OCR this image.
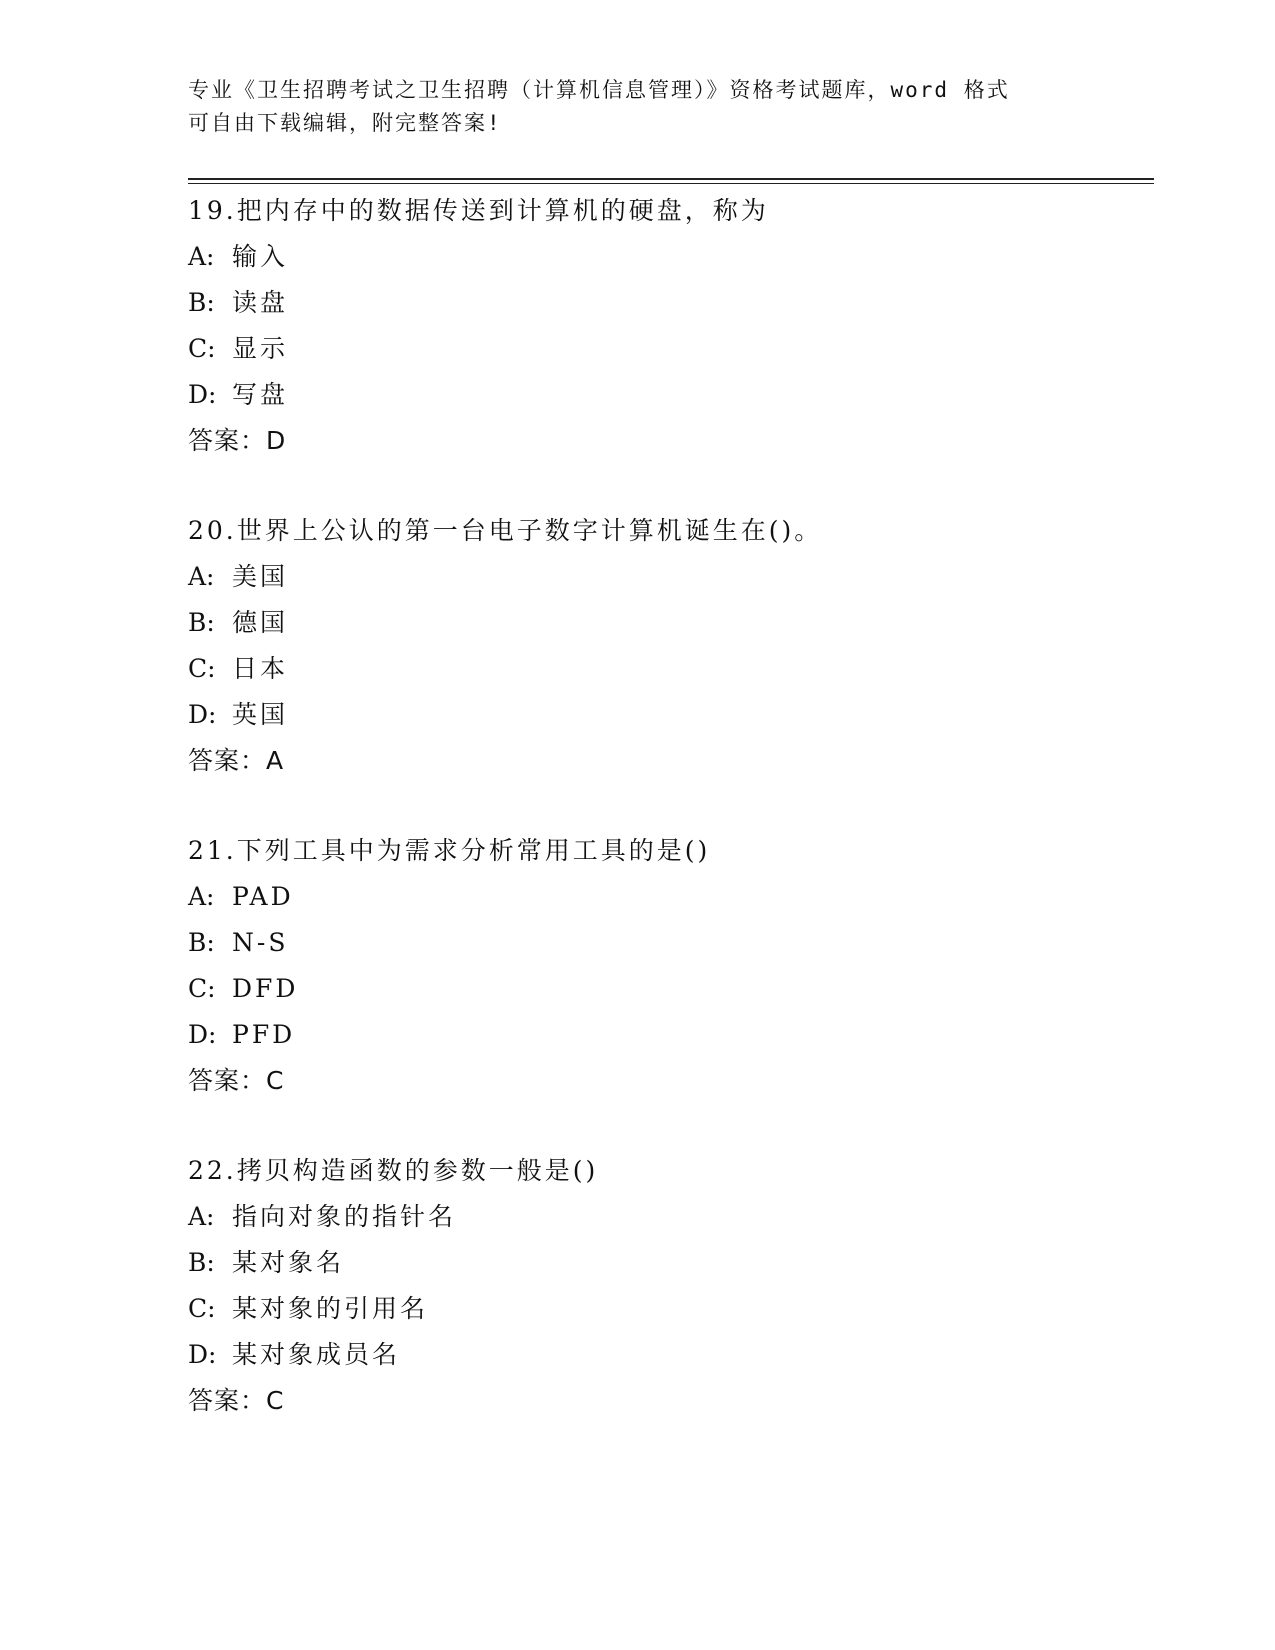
专业《卫生招聘考试之卫生招聘（计算机信息管理）》资格考试题库，word 格式
可自由下载编辑，附完整答案!
19.把内存中的数据传送到计算机的硬盘，称为
A: 输入
B: 读盘
C: 显示
D: 写盘
答案：D
20.世界上公认的第一台电子数字计算机诞生在()。
A: 美国
B: 德国
C: 日本
D: 英国
答案：A
21.下列工具中为需求分析常用工具的是()
A: PAD
B: N-S
C: DFD
D: PFD
答案：C
22.拷贝构造函数的参数一般是()
A: 指向对象的指针名
B: 某对象名
C: 某对象的引用名
D: 某对象成员名
答案：C
